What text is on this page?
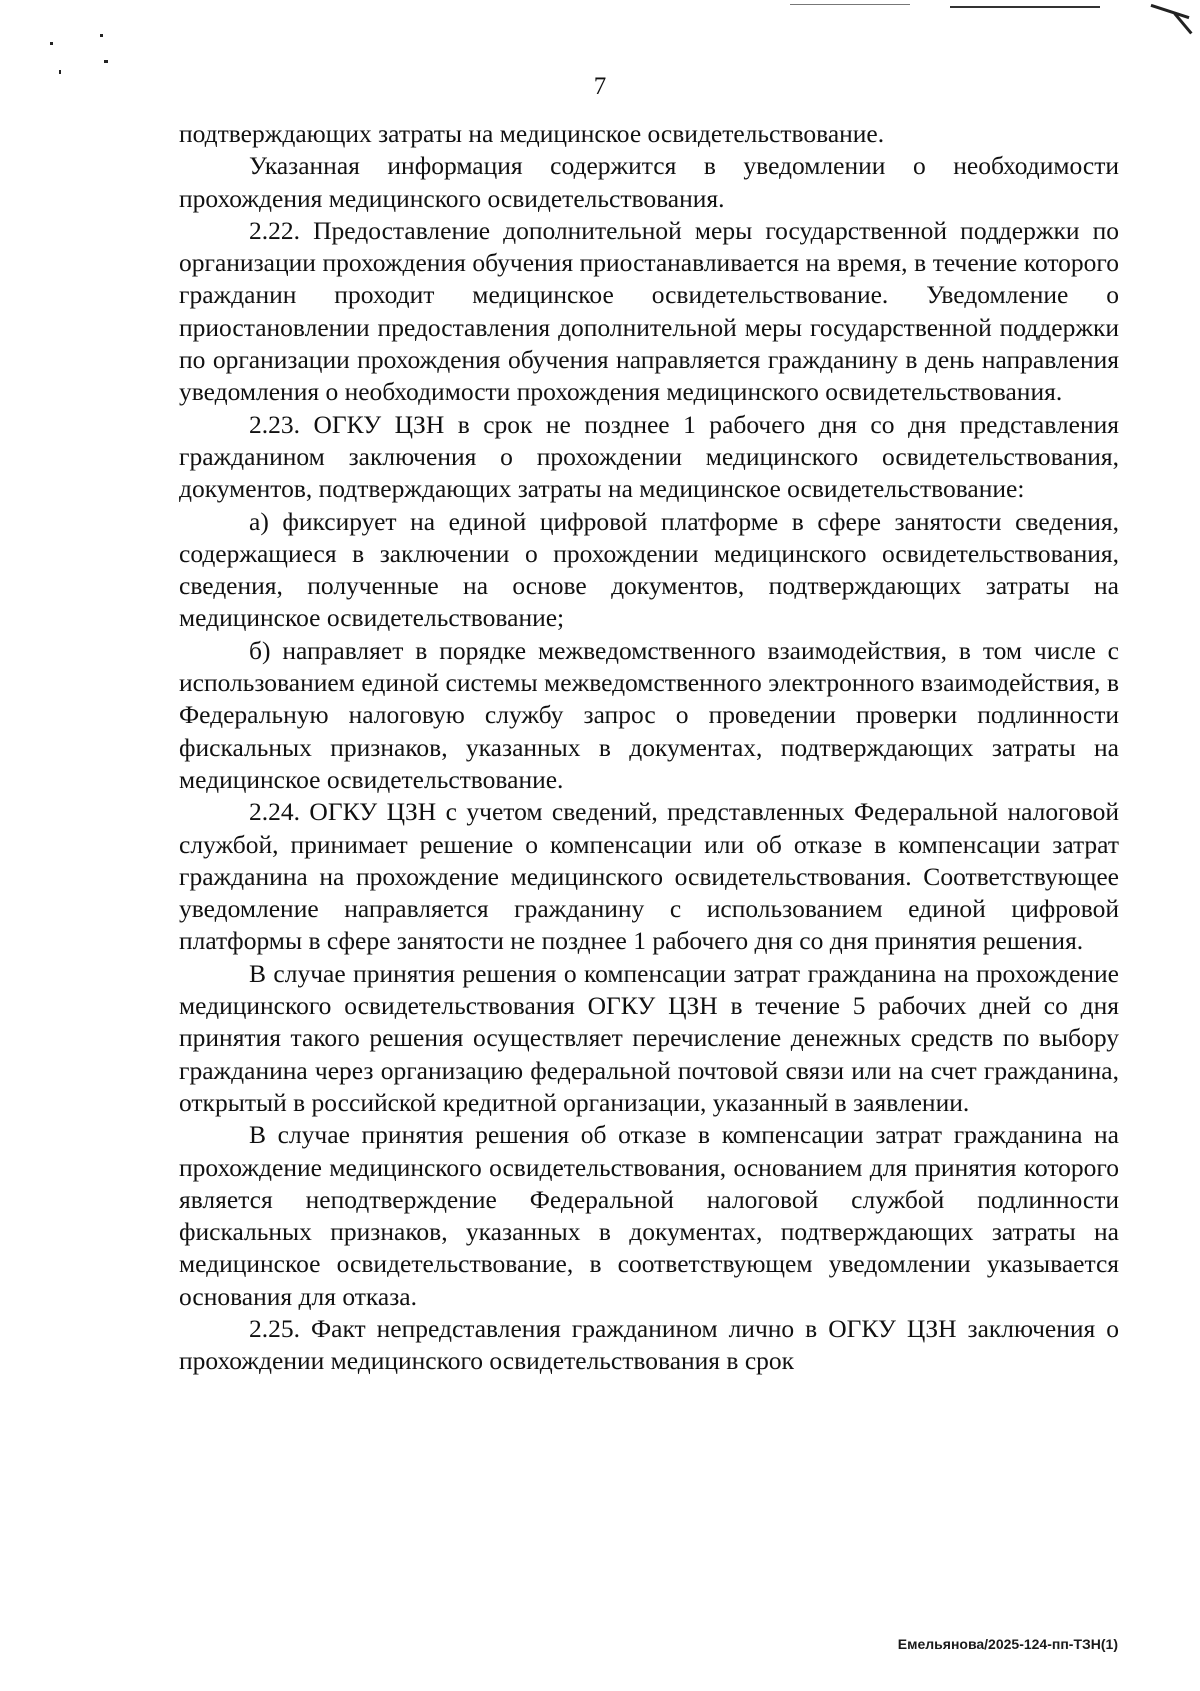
7

подтверждающих затраты на медицинское освидетельствование.

Указанная информация содержится в уведомлении о необходимости прохождения медицинского освидетельствования.

2.22. Предоставление дополнительной меры государственной поддержки по организации прохождения обучения приостанавливается на время, в течение которого гражданин проходит медицинское освидетельствование. Уведомление о приостановлении предоставления дополнительной меры государственной поддержки по организации прохождения обучения направляется гражданину в день направления уведомления о необходимости прохождения медицинского освидетельствования.

2.23. ОГКУ ЦЗН в срок не позднее 1 рабочего дня со дня представления гражданином заключения о прохождении медицинского освидетельствования, документов, подтверждающих затраты на медицинское освидетельствование:

а) фиксирует на единой цифровой платформе в сфере занятости сведения, содержащиеся в заключении о прохождении медицинского освидетельствования, сведения, полученные на основе документов, подтверждающих затраты на медицинское освидетельствование;

б) направляет в порядке межведомственного взаимодействия, в том числе с использованием единой системы межведомственного электронного взаимодействия, в Федеральную налоговую службу запрос о проведении проверки подлинности фискальных признаков, указанных в документах, подтверждающих затраты на медицинское освидетельствование.

2.24. ОГКУ ЦЗН с учетом сведений, представленных Федеральной налоговой службой, принимает решение о компенсации или об отказе в компенсации затрат гражданина на прохождение медицинского освидетельствования. Соответствующее уведомление направляется гражданину с использованием единой цифровой платформы в сфере занятости не позднее 1 рабочего дня со дня принятия решения.

В случае принятия решения о компенсации затрат гражданина на прохождение медицинского освидетельствования ОГКУ ЦЗН в течение 5 рабочих дней со дня принятия такого решения осуществляет перечисление денежных средств по выбору гражданина через организацию федеральной почтовой связи или на счет гражданина, открытый в российской кредитной организации, указанный в заявлении.

В случае принятия решения об отказе в компенсации затрат гражданина на прохождение медицинского освидетельствования, основанием для принятия которого является неподтверждение Федеральной налоговой службой подлинности фискальных признаков, указанных в документах, подтверждающих затраты на медицинское освидетельствование, в соответствующем уведомлении указывается основания для отказа.

2.25. Факт непредставления гражданином лично в ОГКУ ЦЗН заключения о прохождении медицинского освидетельствования в срок

Емельянова/2025-124-пп-ТЗН(1)
